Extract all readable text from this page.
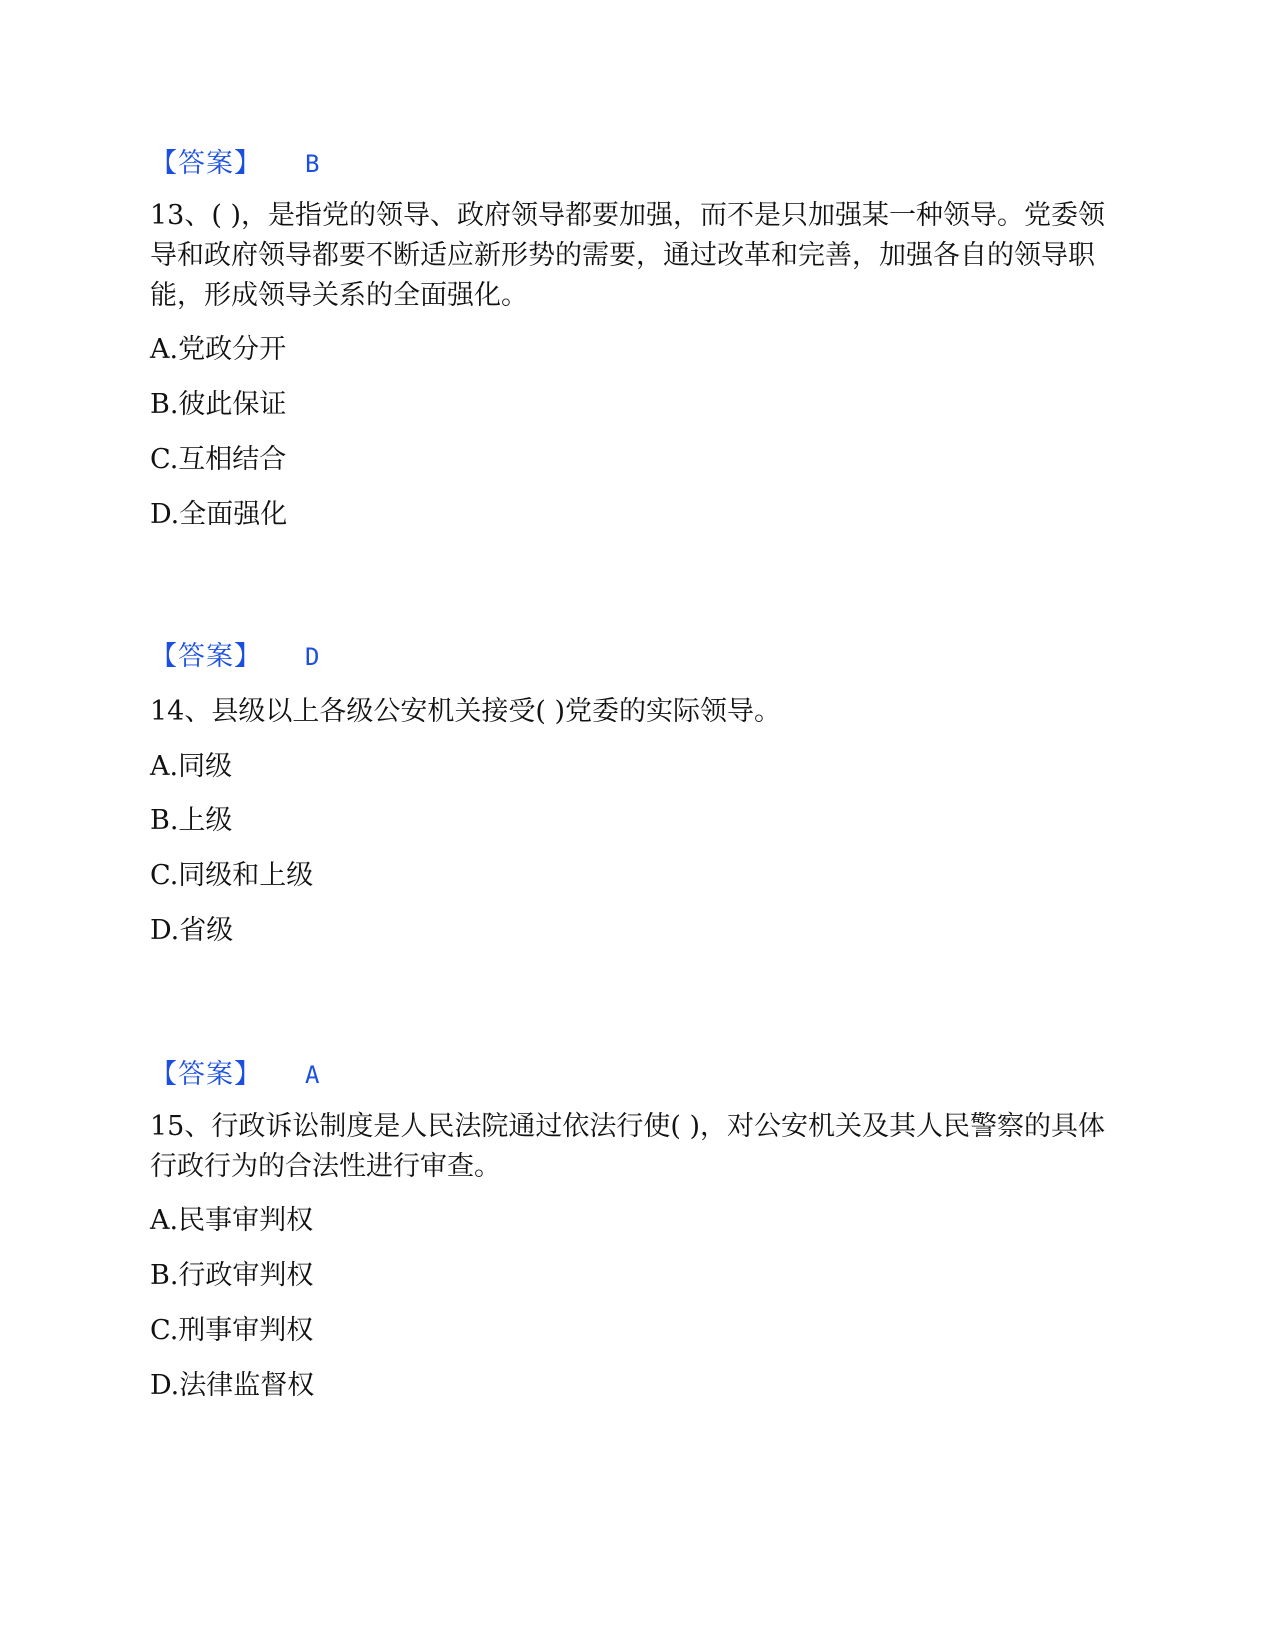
【答案】 B

13、( )，是指党的领导、政府领导都要加强，而不是只加强某一种领导。党委领导和政府领导都要不断适应新形势的需要，通过改革和完善，加强各自的领导职能，形成领导关系的全面强化。

A.党政分开
B.彼此保证
C.互相结合
D.全面强化
【答案】 D

14、县级以上各级公安机关接受( )党委的实际领导。

A.同级
B.上级
C.同级和上级
D.省级
【答案】 A

15、行政诉讼制度是人民法院通过依法行使( )，对公安机关及其人民警察的具体行政行为的合法性进行审查。

A.民事审判权
B.行政审判权
C.刑事审判权
D.法律监督权
